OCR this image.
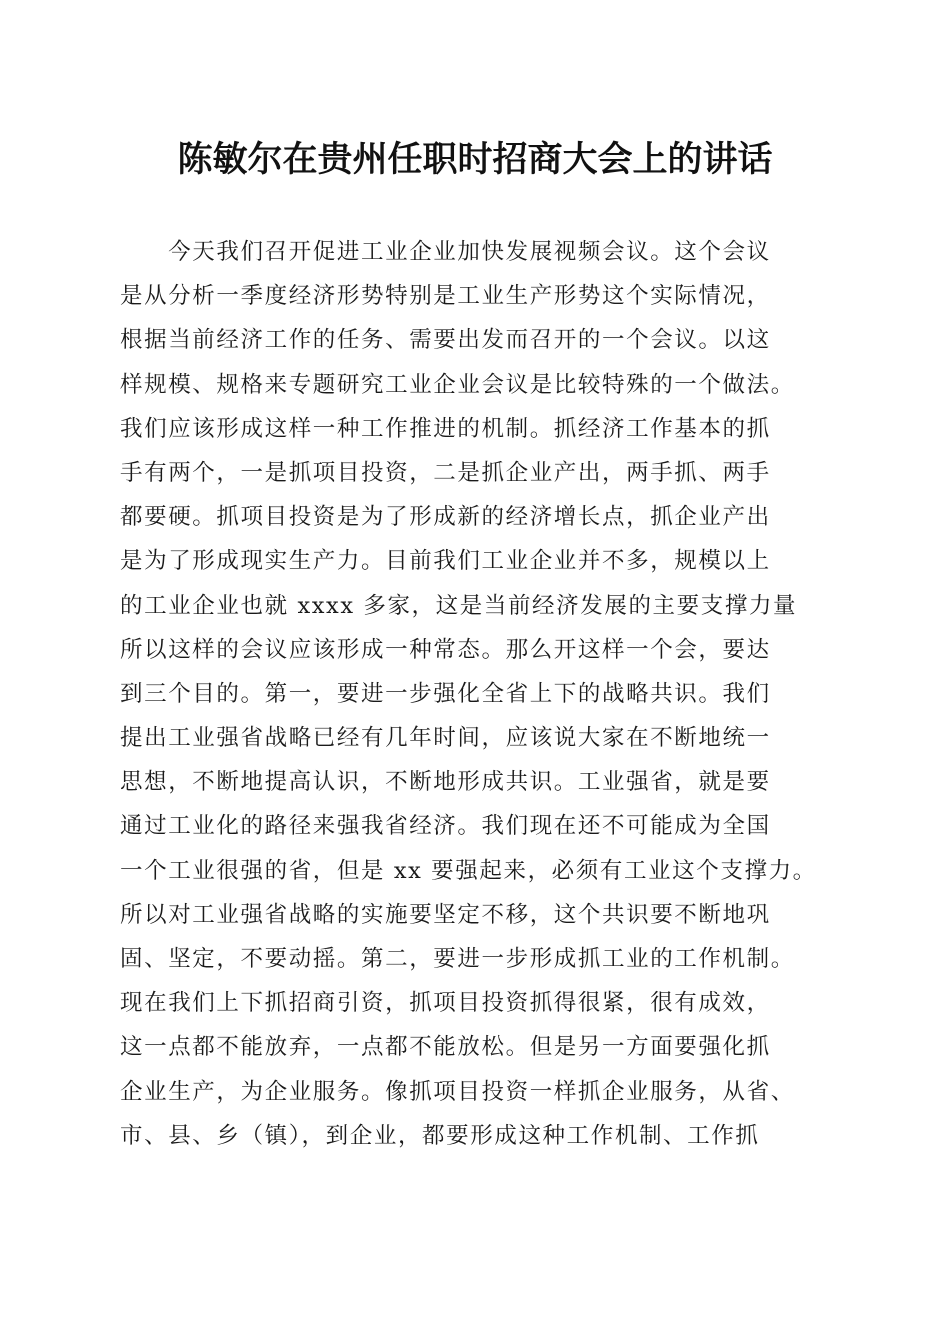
陈敏尔在贵州任职时招商大会上的讲话
　　今天我们召开促进工业企业加快发展视频会议。这个会议
是从分析一季度经济形势特别是工业生产形势这个实际情况，
根据当前经济工作的任务、需要出发而召开的一个会议。以这
样规模、规格来专题研究工业企业会议是比较特殊的一个做法。
我们应该形成这样一种工作推进的机制。抓经济工作基本的抓
手有两个，一是抓项目投资，二是抓企业产出，两手抓、两手
都要硬。抓项目投资是为了形成新的经济增长点，抓企业产出
是为了形成现实生产力。目前我们工业企业并不多，规模以上
的工业企业也就 xxxx 多家，这是当前经济发展的主要支撑力量
所以这样的会议应该形成一种常态。那么开这样一个会，要达
到三个目的。第一，要进一步强化全省上下的战略共识。我们
提出工业强省战略已经有几年时间，应该说大家在不断地统一
思想，不断地提高认识，不断地形成共识。工业强省，就是要
通过工业化的路径来强我省经济。我们现在还不可能成为全国
一个工业很强的省，但是 xx 要强起来，必须有工业这个支撑力。
所以对工业强省战略的实施要坚定不移，这个共识要不断地巩
固、坚定，不要动摇。第二，要进一步形成抓工业的工作机制。
现在我们上下抓招商引资，抓项目投资抓得很紧，很有成效，
这一点都不能放弃，一点都不能放松。但是另一方面要强化抓
企业生产，为企业服务。像抓项目投资一样抓企业服务，从省、
市、县、乡（镇），到企业，都要形成这种工作机制、工作抓
